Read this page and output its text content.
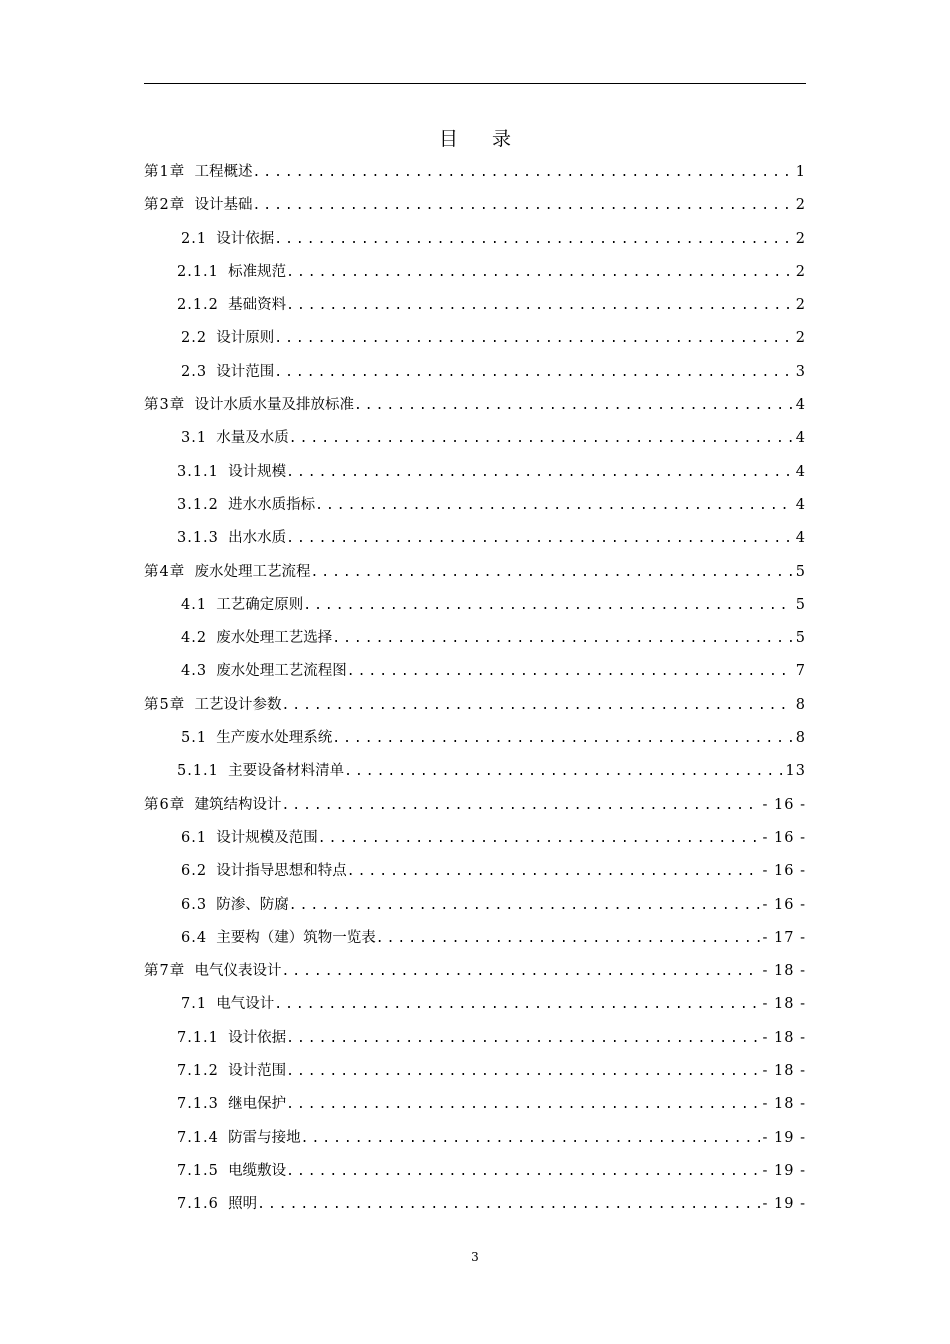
目 录
第1章 工程概述 .....	1
第2章 设计基础 .....	2
2.1 设计依据 .....	2
2.1.1 标准规范 .....	2
2.1.2 基础资料 .....	2
2.2 设计原则 .....	2
2.3 设计范围 .....	3
第3章 设计水质水量及排放标准 .....	4
3.1 水量及水质 .....	4
3.1.1 设计规模 .....	4
3.1.2 进水水质指标 .....	4
3.1.3 出水水质 .....	4
第4章 废水处理工艺流程 .....	5
4.1 工艺确定原则 .....	5
4.2 废水处理工艺选择 .....	5
4.3 废水处理工艺流程图 .....	7
第5章 工艺设计参数 .....	8
5.1 生产废水处理系统 .....	8
5.1.1 主要设备材料清单 .....	13
第6章 建筑结构设计 .....	- 16 -
6.1 设计规模及范围 .....	- 16 -
6.2 设计指导思想和特点 .....	- 16 -
6.3 防渗、防腐 .....	- 16 -
6.4 主要构（建）筑物一览表 .....	- 17 -
第7章 电气仪表设计 .....	- 18 -
7.1 电气设计 .....	- 18 -
7.1.1 设计依据 .....	- 18 -
7.1.2 设计范围 .....	- 18 -
7.1.3 继电保护 .....	- 18 -
7.1.4 防雷与接地 .....	- 19 -
7.1.5 电缆敷设 .....	- 19 -
7.1.6 照明 .....	- 19 -
3
